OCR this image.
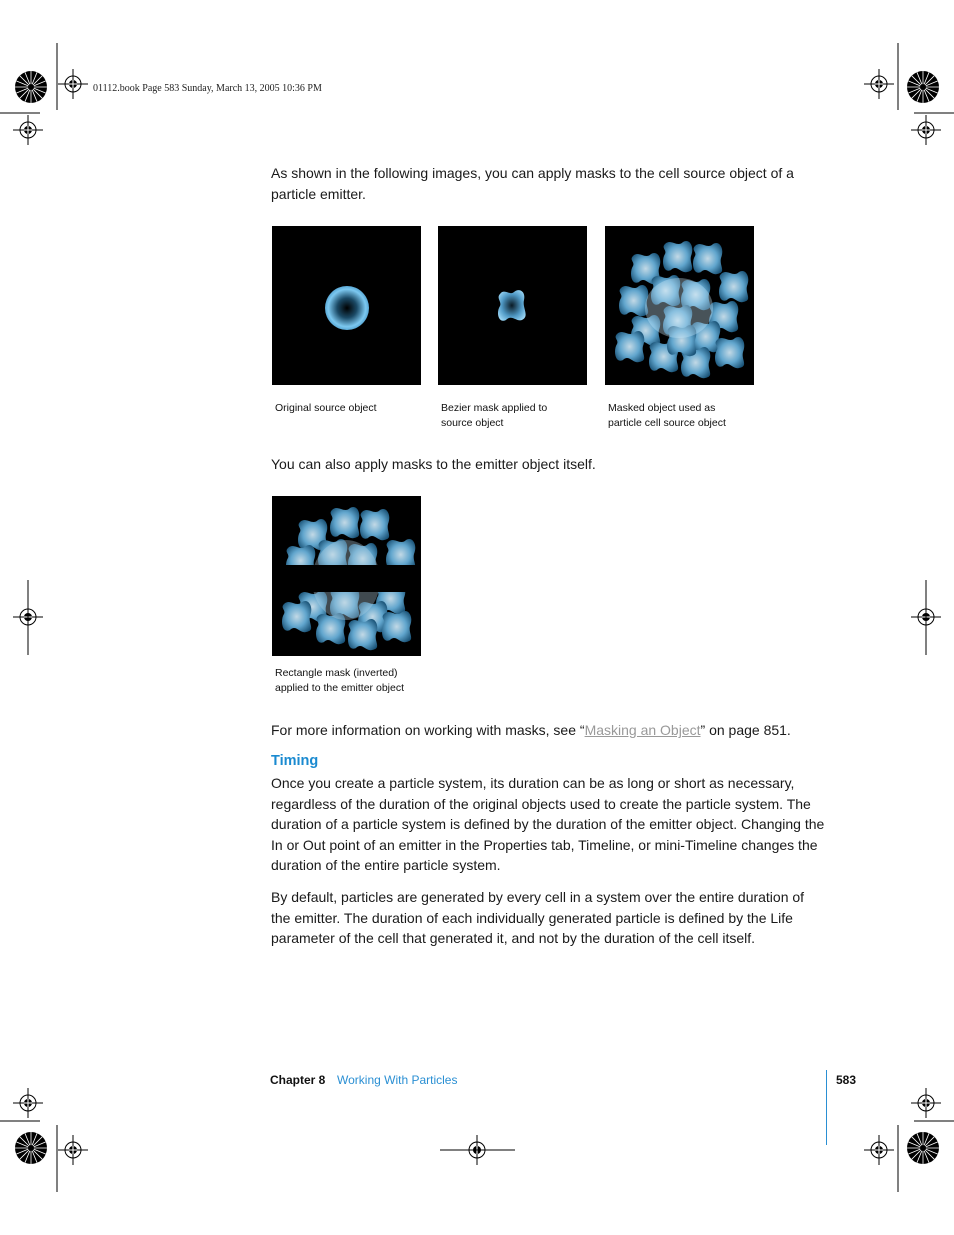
01112.book Page 583 Sunday, March 13, 2005 10:36 PM
As shown in the following images, you can apply masks to the cell source object of a particle emitter.
Original source object	Bezier mask applied to
source object
Masked object used as
particle cell source object
You can also apply masks to the emitter object itself.
Rectangle mask (inverted)
applied to the emitter object
For more information on working with masks, see “Masking an Object” on page 851.
Timing
Once you create a particle system, its duration can be as long or short as necessary, regardless of the duration of the original objects used to create the particle system. The duration of a particle system is defined by the duration of the emitter object. Changing the In or Out point of an emitter in the Properties tab, Timeline, or mini-Timeline changes the duration of the entire particle system.
By default, particles are generated by every cell in a system over the entire duration of the emitter. The duration of each individually generated particle is defined by the Life parameter of the cell that generated it, and not by the duration of the cell itself.
Chapter 8 Working With Particles	583
